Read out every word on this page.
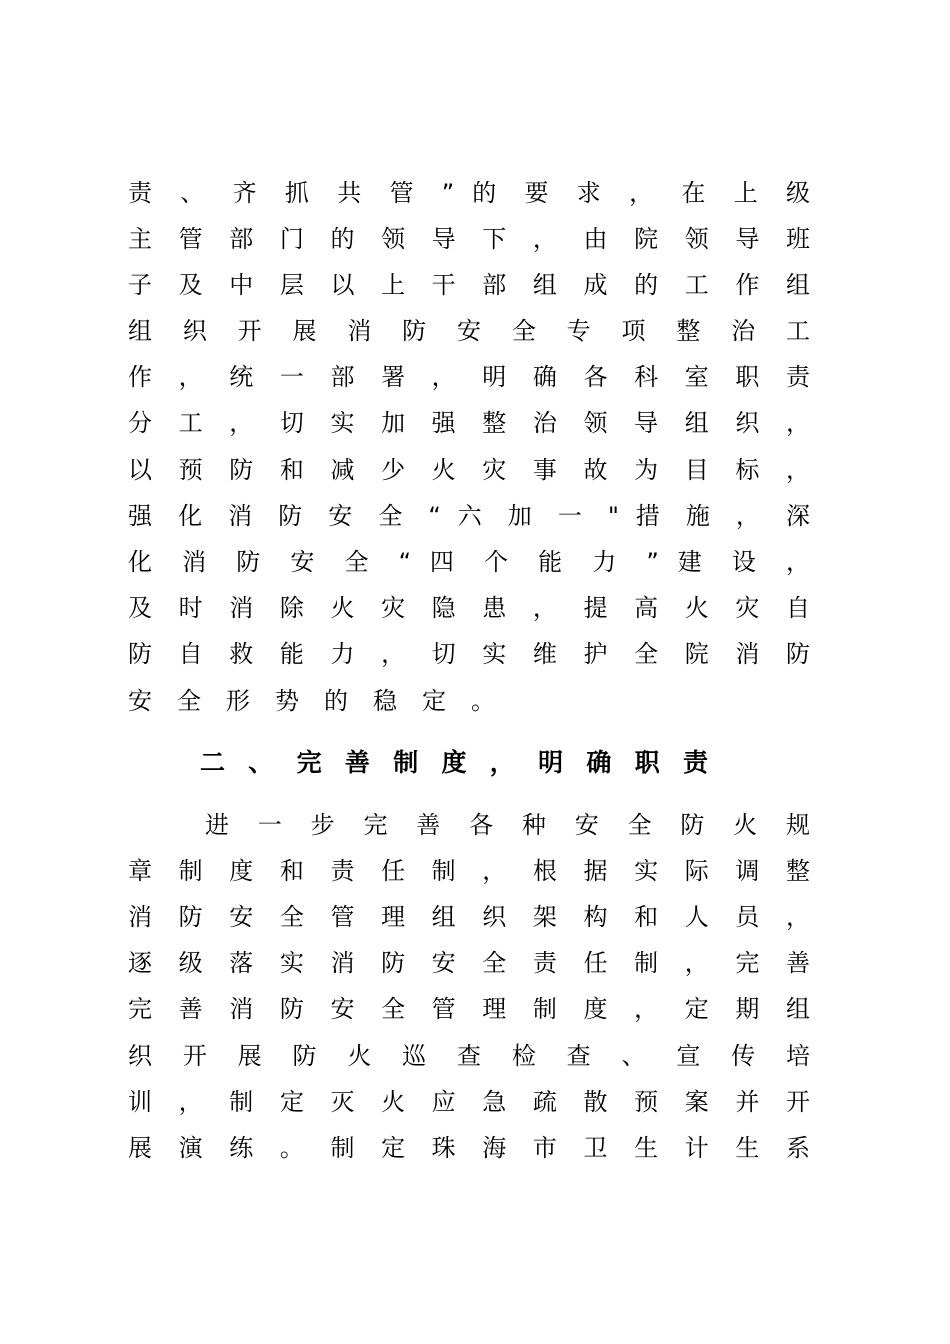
责 、 齐 抓 共 管 ” 的 要 求 ， 在 上 级
主 管 部 门 的 领 导 下 ， 由 院 领 导 班
子 及 中 层 以 上 干 部 组 成 的 工 作 组
组 织 开 展 消 防 安 全 专 项 整 治 工
作 ， 统 一 部 署 ， 明 确 各 科 室 职 责
分 工 ， 切 实 加 强 整 治 领 导 组 织 ，
以 预 防 和 减 少 火 灾 事 故 为 目 标 ，
强 化 消 防 安 全 “ 六 加 一 " 措 施 ， 深
化 消 防 安 全 “ 四 个 能 力 ” 建 设 ，
及 时 消 除 火 灾 隐 患 ， 提 高 火 灾 自
防 自 救 能 力 ， 切 实 维 护 全 院 消 防
安全形势的稳定。
二 、 完 善 制 度 ， 明 确 职 责
进 一 步 完 善 各 种 安 全 防 火 规
章 制 度 和 责 任 制 ， 根 据 实 际 调 整
消 防 安 全 管 理 组 织 架 构 和 人 员 ，
逐 级 落 实 消 防 安 全 责 任 制 ， 完 善
完 善 消 防 安 全 管 理 制 度 ， 定 期 组
织 开 展 防 火 巡 查 检 查 、 宣 传 培
训 ， 制 定 灭 火 应 急 疏 散 预 案 并 开
展 演 练 。 制 定 珠 海 市 卫 生 计 生 系
